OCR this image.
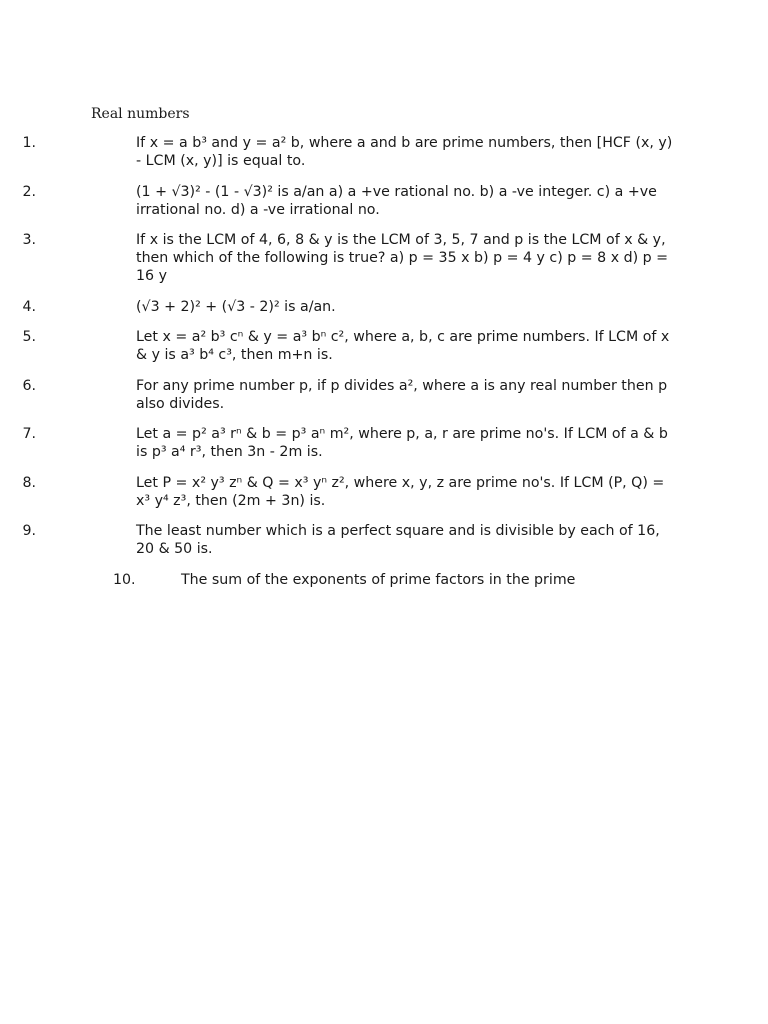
Real numbers
1.	If x = a b³ and y = a² b, where a and b are prime numbers, then [HCF (x, y) - LCM (x, y)] is equal to.
2.	(1 + √3)² - (1 - √3)² is a/an a) a +ve rational no. b) a -ve integer. c) a +ve irrational no. d) a -ve irrational no.
3.	If x is the LCM of 4, 6, 8 & y is the LCM of 3, 5, 7 and p is the LCM of x & y, then which of the following is true? a) p = 35 x b) p = 4 y c) p = 8 x d) p = 16 y
4.	(√3 + 2)² + (√3 - 2)² is a/an.
5.	Let x = a² b³ cⁿ & y = a³ bⁿ c², where a, b, c are prime numbers. If LCM of x & y is a³ b⁴ c³, then m+n is.
6.	For any prime number p, if p divides a², where a is any real number then p also divides.
7.	Let a = p² a³ rⁿ & b = p³ aⁿ m², where p, a, r are prime no's. If LCM of a & b is p³ a⁴ r³, then 3n - 2m is.
8.	Let P = x² y³ zⁿ & Q = x³ yⁿ z², where x, y, z are prime no's. If LCM (P, Q) = x³ y⁴ z³, then (2m + 3n) is.
9.	The least number which is a perfect square and is divisible by each of 16, 20 & 50 is.
10.	The sum of the exponents of prime factors in the prime
